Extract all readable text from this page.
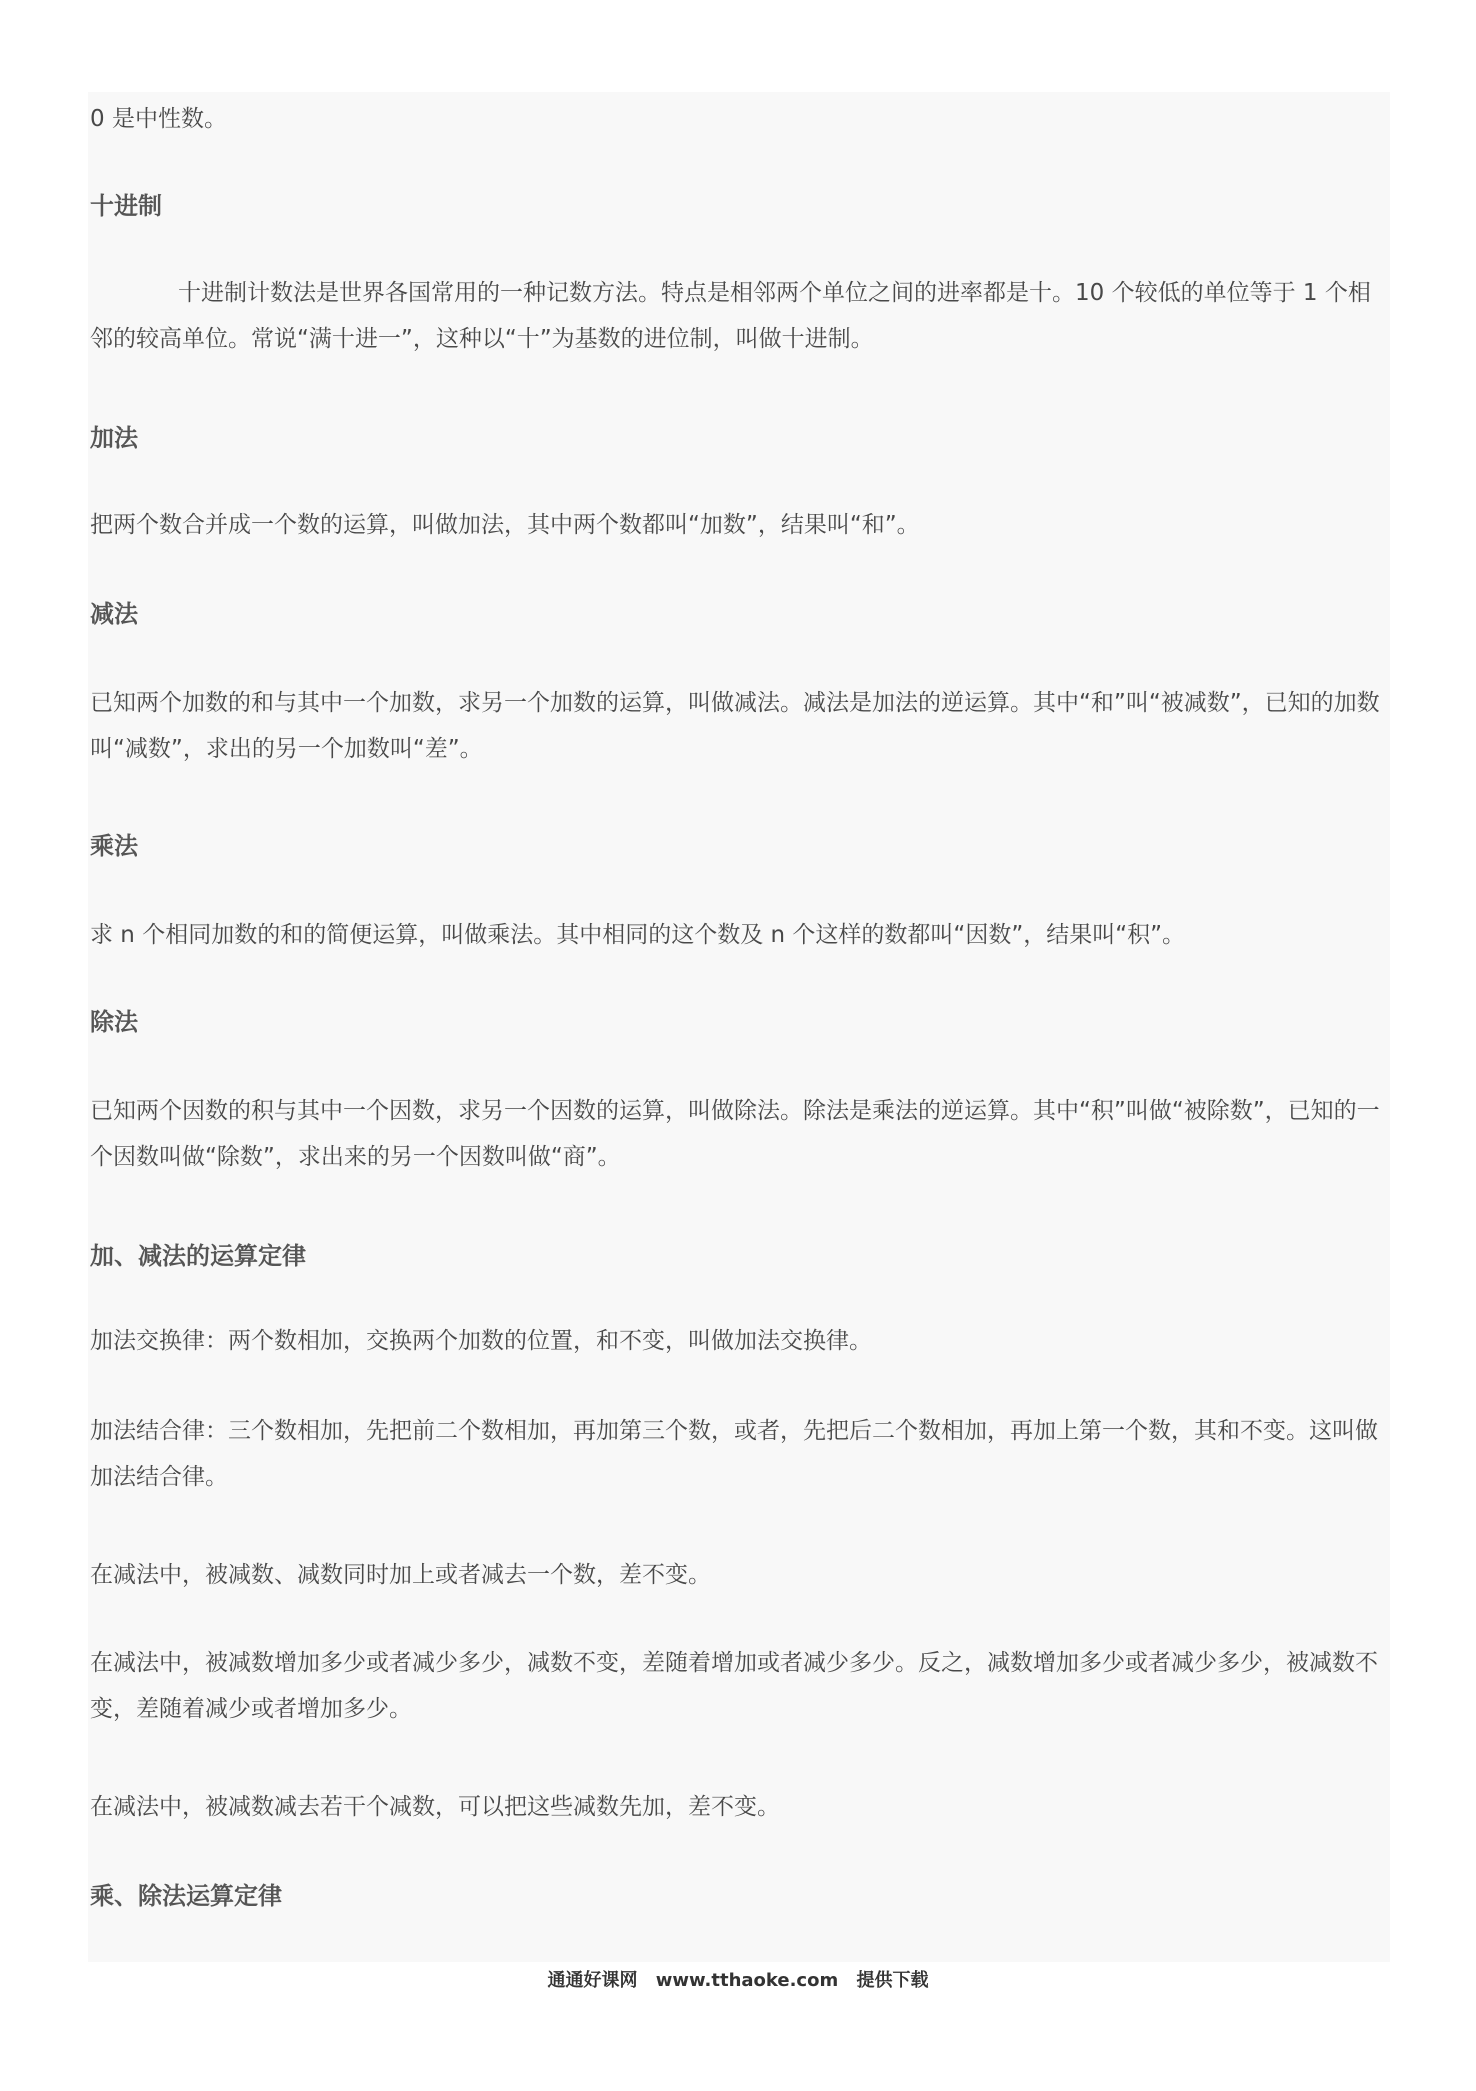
0 是中性数。
十进制
十进制计数法是世界各国常用的一种记数方法。特点是相邻两个单位之间的进率都是十。10 个较低的单位等于 1 个相邻的较高单位。常说“满十进一”，这种以“十”为基数的进位制，叫做十进制。
加法
把两个数合并成一个数的运算，叫做加法，其中两个数都叫“加数”，结果叫“和”。
减法
已知两个加数的和与其中一个加数，求另一个加数的运算，叫做减法。减法是加法的逆运算。其中“和”叫“被减数”，已知的加数叫“减数”，求出的另一个加数叫“差”。
乘法
求 n 个相同加数的和的简便运算，叫做乘法。其中相同的这个数及 n 个这样的数都叫“因数”，结果叫“积”。
除法
已知两个因数的积与其中一个因数，求另一个因数的运算，叫做除法。除法是乘法的逆运算。其中“积”叫做“被除数”，已知的一个因数叫做“除数”，求出来的另一个因数叫做“商”。
加、减法的运算定律
加法交换律：两个数相加，交换两个加数的位置，和不变，叫做加法交换律。
加法结合律：三个数相加，先把前二个数相加，再加第三个数，或者，先把后二个数相加，再加上第一个数，其和不变。这叫做加法结合律。
在减法中，被减数、减数同时加上或者减去一个数，差不变。
在减法中，被减数增加多少或者减少多少，减数不变，差随着增加或者减少多少。反之，减数增加多少或者减少多少，被减数不变，差随着减少或者增加多少。
在减法中，被减数减去若干个减数，可以把这些减数先加，差不变。
乘、除法运算定律
通通好课网 www.tthaoke.com 提供下载
